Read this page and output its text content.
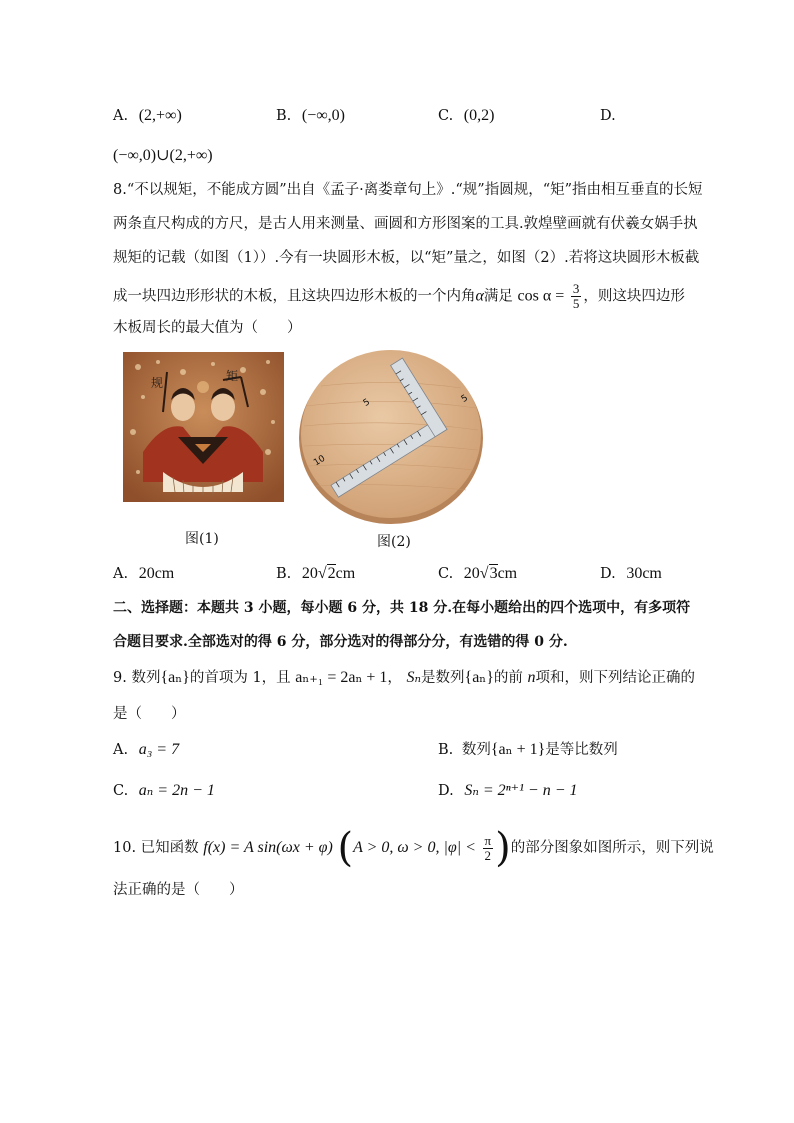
A. (2,+∞)	B. (−∞,0)	C. (0,2)	D.
(−∞,0)∪(2,+∞)
8.“不以规矩，不能成方圆”出自《孟子·离娄章句上》.“规”指圆规，“矩”指由相互垂直的长短
两条直尺构成的方尺，是古人用来测量、画圆和方形图案的工具.敦煌壁画就有伏羲女娲手执
规矩的记载（如图（1））.今有一块圆形木板，以“矩”量之，如图（2）.若将这块圆形木板截
成一块四边形形状的木板，且这块四边形木板的一个内角α满足 $\cos \alpha = \frac{3}{5}$ ，则这块四边形
木板周长的最大值为（　　）
规	矩
10
5	5
图(1)	图(2)
A. 20cm	B. 20√2cm	C. 20√3cm	D. 30cm
二、选择题：本题共 3 小题，每小题 6 分，共 18 分.在每小题给出的四个选项中，有多项符
合题目要求.全部选对的得 6 分，部分选对的得部分分，有选错的得 0 分.
9. 数列{aₙ}的首项为 1，且 aₙ₊₁ = 2aₙ + 1， Sₙ是数列{aₙ}的前 n项和，则下列结论正确的
是（　　）
A. a₃ = 7	B. 数列{aₙ + 1}是等比数列
C. aₙ = 2n − 1	D. Sₙ = 2ⁿ⁺¹ − n − 1
10. 已知函数 f(x) = A sin(ωx + φ) (A > 0, ω > 0, $|\varphi| < \frac{\pi}{2}$ )的部分图象如图所示，则下列说
法正确的是（　　）
